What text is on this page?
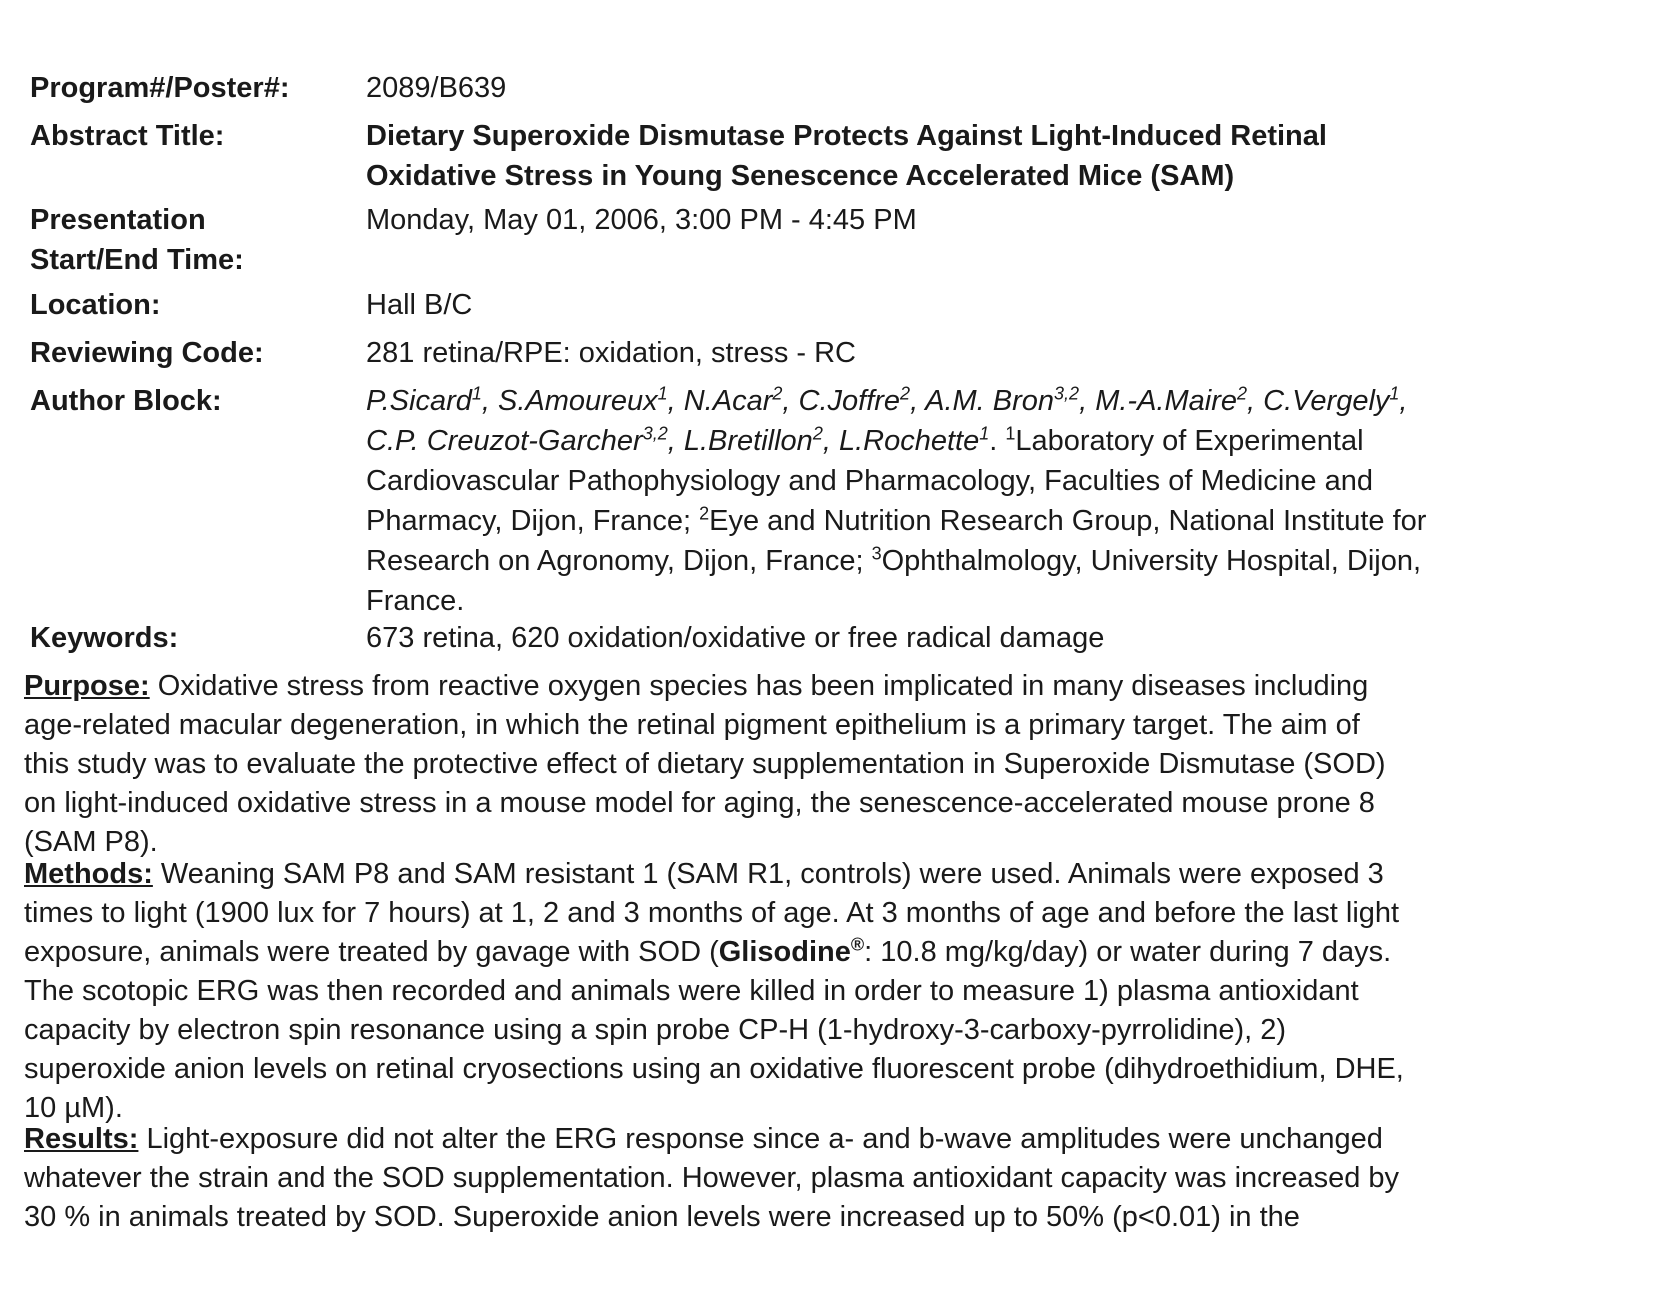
Program#/Poster#:	2089/B639
Abstract Title:	Dietary Superoxide Dismutase Protects Against Light-Induced Retinal
Oxidative Stress in Young Senescence Accelerated Mice (SAM)
Presentation
Start/End Time:
Monday, May 01, 2006, 3:00 PM - 4:45 PM
Location:	Hall B/C
Reviewing Code:	281 retina/RPE: oxidation, stress - RC
Author Block:	P.Sicard$^1$, S.Amoureux$^1$, N.Acar$^2$, C.Joffre$^2$, A.M. Bron$^{3,2}$, M.-A.Maire$^2$, C.Vergely$^1$,
C.P. Creuzot-Garcher$^{3,2}$, L.Bretillon$^2$, L.Rochette$^1$. $^1$Laboratory of Experimental
Cardiovascular Pathophysiology and Pharmacology, Faculties of Medicine and
Pharmacy, Dijon, France; $^2$Eye and Nutrition Research Group, National Institute for
Research on Agronomy, Dijon, France; $^3$Ophthalmology, University Hospital, Dijon,
France.
Keywords:	673 retina, 620 oxidation/oxidative or free radical damage
Purpose: Oxidative stress from reactive oxygen species has been implicated in many diseases including
age-related macular degeneration, in which the retinal pigment epithelium is a primary target. The aim of
this study was to evaluate the protective effect of dietary supplementation in Superoxide Dismutase (SOD)
on light-induced oxidative stress in a mouse model for aging, the senescence-accelerated mouse prone 8
(SAM P8).
Methods: Weaning SAM P8 and SAM resistant 1 (SAM R1, controls) were used. Animals were exposed 3
times to light (1900 lux for 7 hours) at 1, 2 and 3 months of age. At 3 months of age and before the last light
exposure, animals were treated by gavage with SOD (Glisodine®: 10.8 mg/kg/day) or water during 7 days.
The scotopic ERG was then recorded and animals were killed in order to measure 1) plasma antioxidant
capacity by electron spin resonance using a spin probe CP-H (1-hydroxy-3-carboxy-pyrrolidine), 2)
superoxide anion levels on retinal cryosections using an oxidative fluorescent probe (dihydroethidium, DHE,
10 µM).
Results: Light-exposure did not alter the ERG response since a- and b-wave amplitudes were unchanged
whatever the strain and the SOD supplementation. However, plasma antioxidant capacity was increased by
30 % in animals treated by SOD. Superoxide anion levels were increased up to 50% (p<0.01) in the
